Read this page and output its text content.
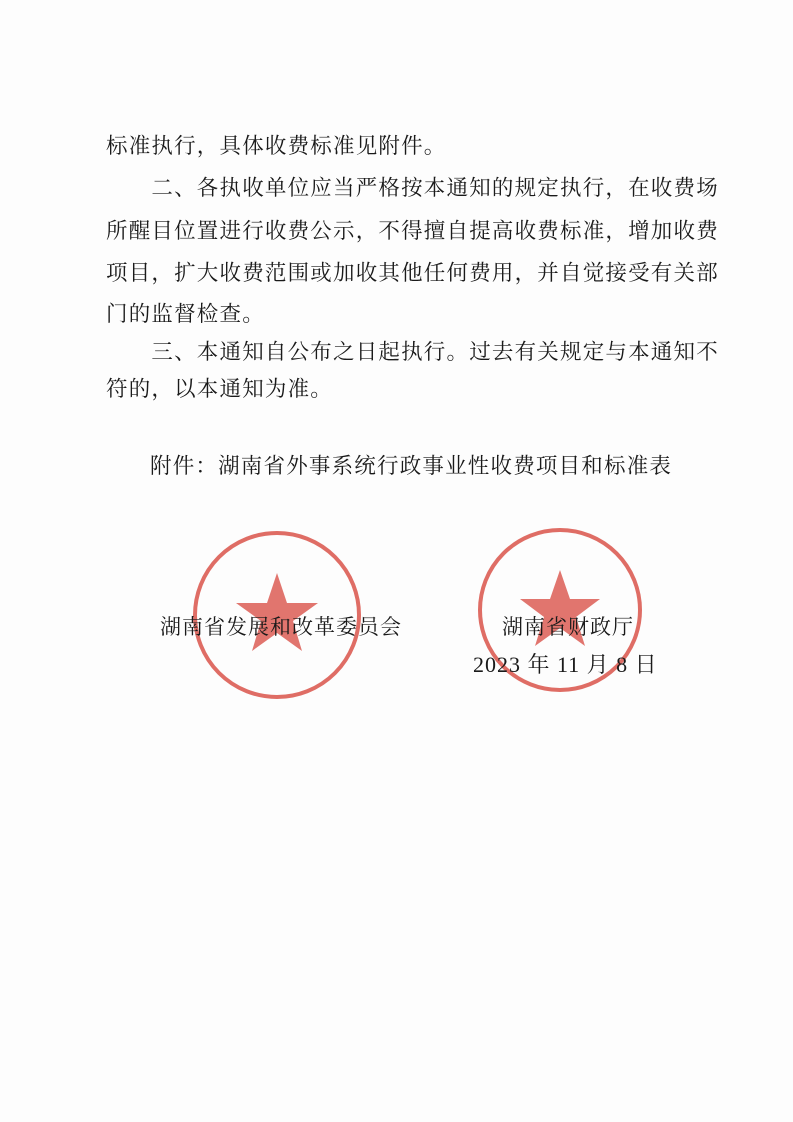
标准执行，具体收费标准见附件。
　　二、各执收单位应当严格按本通知的规定执行，在收费场
所醒目位置进行收费公示，不得擅自提高收费标准，增加收费
项目，扩大收费范围或加收其他任何费用，并自觉接受有关部
门的监督检查。
　　三、本通知自公布之日起执行。过去有关规定与本通知不
符的，以本通知为准。
附件：湖南省外事系统行政事业性收费项目和标准表
湖南省发展和改革委员会	湖南省财政厅
2023 年 11 月 8 日
